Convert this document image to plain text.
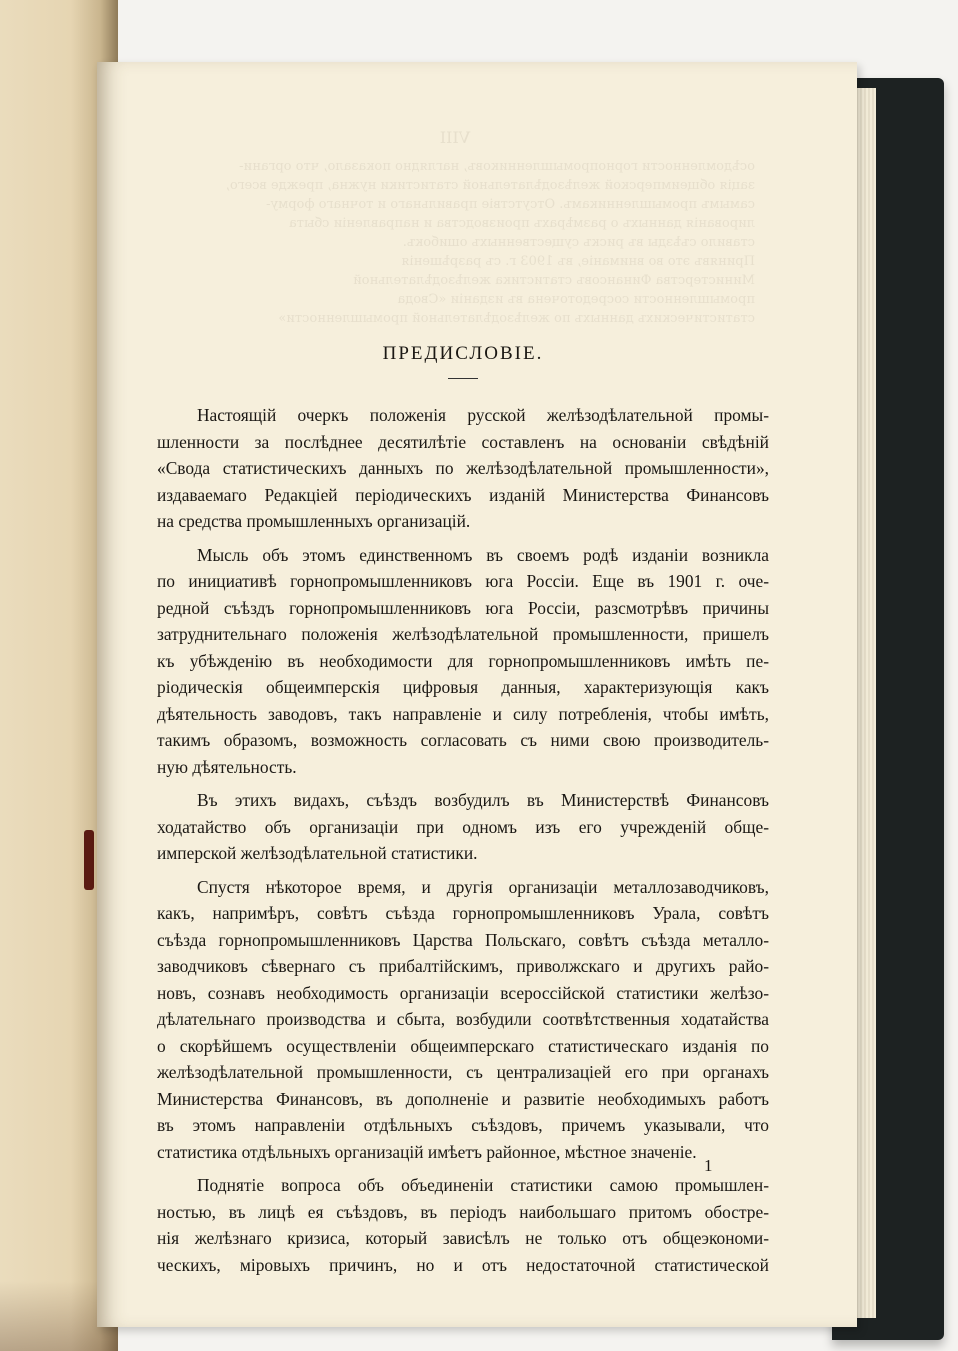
VIII
осѣдомленности горнопромышленниковъ, наглядно показало, что органи-
зацiя общеимперской желѣзодѣлательной статистики нужна, прежде всего,
самымъ промышленникамъ. Отсутствiе правильнаго и точнаго форму-
лированiя данныхъ о размѣрахъ производства и направленiи сбыта
ставило съѣзды въ рискъ существенныхъ ошибокъ.
Принявъ это во вниманiе, въ 1903 г. съ разрѣшенiя
Министерства Финансовъ статистика желѣзодѣлательной
промышленности сосредоточена въ изданiи «Свода
статистическихъ данныхъ по желѣзодѣлательной промышленности»
ПРЕДИСЛОВIЕ.
Настоящiй очеркъ положенiя русской желѣзодѣлательной промы-
шленности за послѣднее десятилѣтiе составленъ на основанiи свѣдѣнiй
«Свода статистическихъ данныхъ по желѣзодѣлательной промышленности»,
издаваемаго Редакцiей перiодическихъ изданiй Министерства Финансовъ
на средства промышленныхъ организацiй.
Мысль объ этомъ единственномъ въ своемъ родѣ изданiи возникла
по инициативѣ горнопромышленниковъ юга Россiи. Еще въ 1901 г. оче-
редной съѣздъ горнопромышленниковъ юга Россiи, разсмотрѣвъ причины
затруднительнаго положенiя желѣзодѣлательной промышленности, пришелъ
къ убѣжденiю въ необходимости для горнопромышленниковъ имѣть пе-
рiодическiя общеимперскiя цифровыя данныя, характеризующiя какъ
дѣятельность заводовъ, такъ направленiе и силу потребленiя, чтобы имѣть,
такимъ образомъ, возможность согласовать съ ними свою производитель-
ную дѣятельность.
Въ этихъ видахъ, съѣздъ возбудилъ въ Министерствѣ Финансовъ
ходатайство объ организацiи при одномъ изъ его учрежденiй обще-
имперской желѣзодѣлательной статистики.
Спустя нѣкоторое время, и другiя организацiи металлозаводчиковъ,
какъ, напримѣръ, совѣтъ съѣзда горнопромышленниковъ Урала, совѣтъ
съѣзда горнопромышленниковъ Царства Польскаго, совѣтъ съѣзда металло-
заводчиковъ сѣвернаго съ прибалтiйскимъ, приволжскаго и другихъ райо-
новъ, сознавъ необходимость организацiи всероссiйской статистики желѣзо-
дѣлательнаго производства и сбыта, возбудили соотвѣтственныя ходатайства
о скорѣйшемъ осуществленiи общеимперскаго статистическаго изданiя по
желѣзодѣлательной промышленности, съ централизацiей его при органахъ
Министерства Финансовъ, въ дополненiе и развитiе необходимыхъ работъ
въ этомъ направленiи отдѣльныхъ съѣздовъ, причемъ указывали, что
статистика отдѣльныхъ организацiй имѣетъ районное, мѣстное значенiе.
Поднятiе вопроса объ объединенiи статистики самою промышлен-
ностью, въ лицѣ ея съѣздовъ, въ перiодъ наибольшаго притомъ обостре-
нiя желѣзнаго кризиса, который зависѣлъ не только отъ общеэкономи-
ческихъ, мiровыхъ причинъ, но и отъ недостаточной статистической
1
